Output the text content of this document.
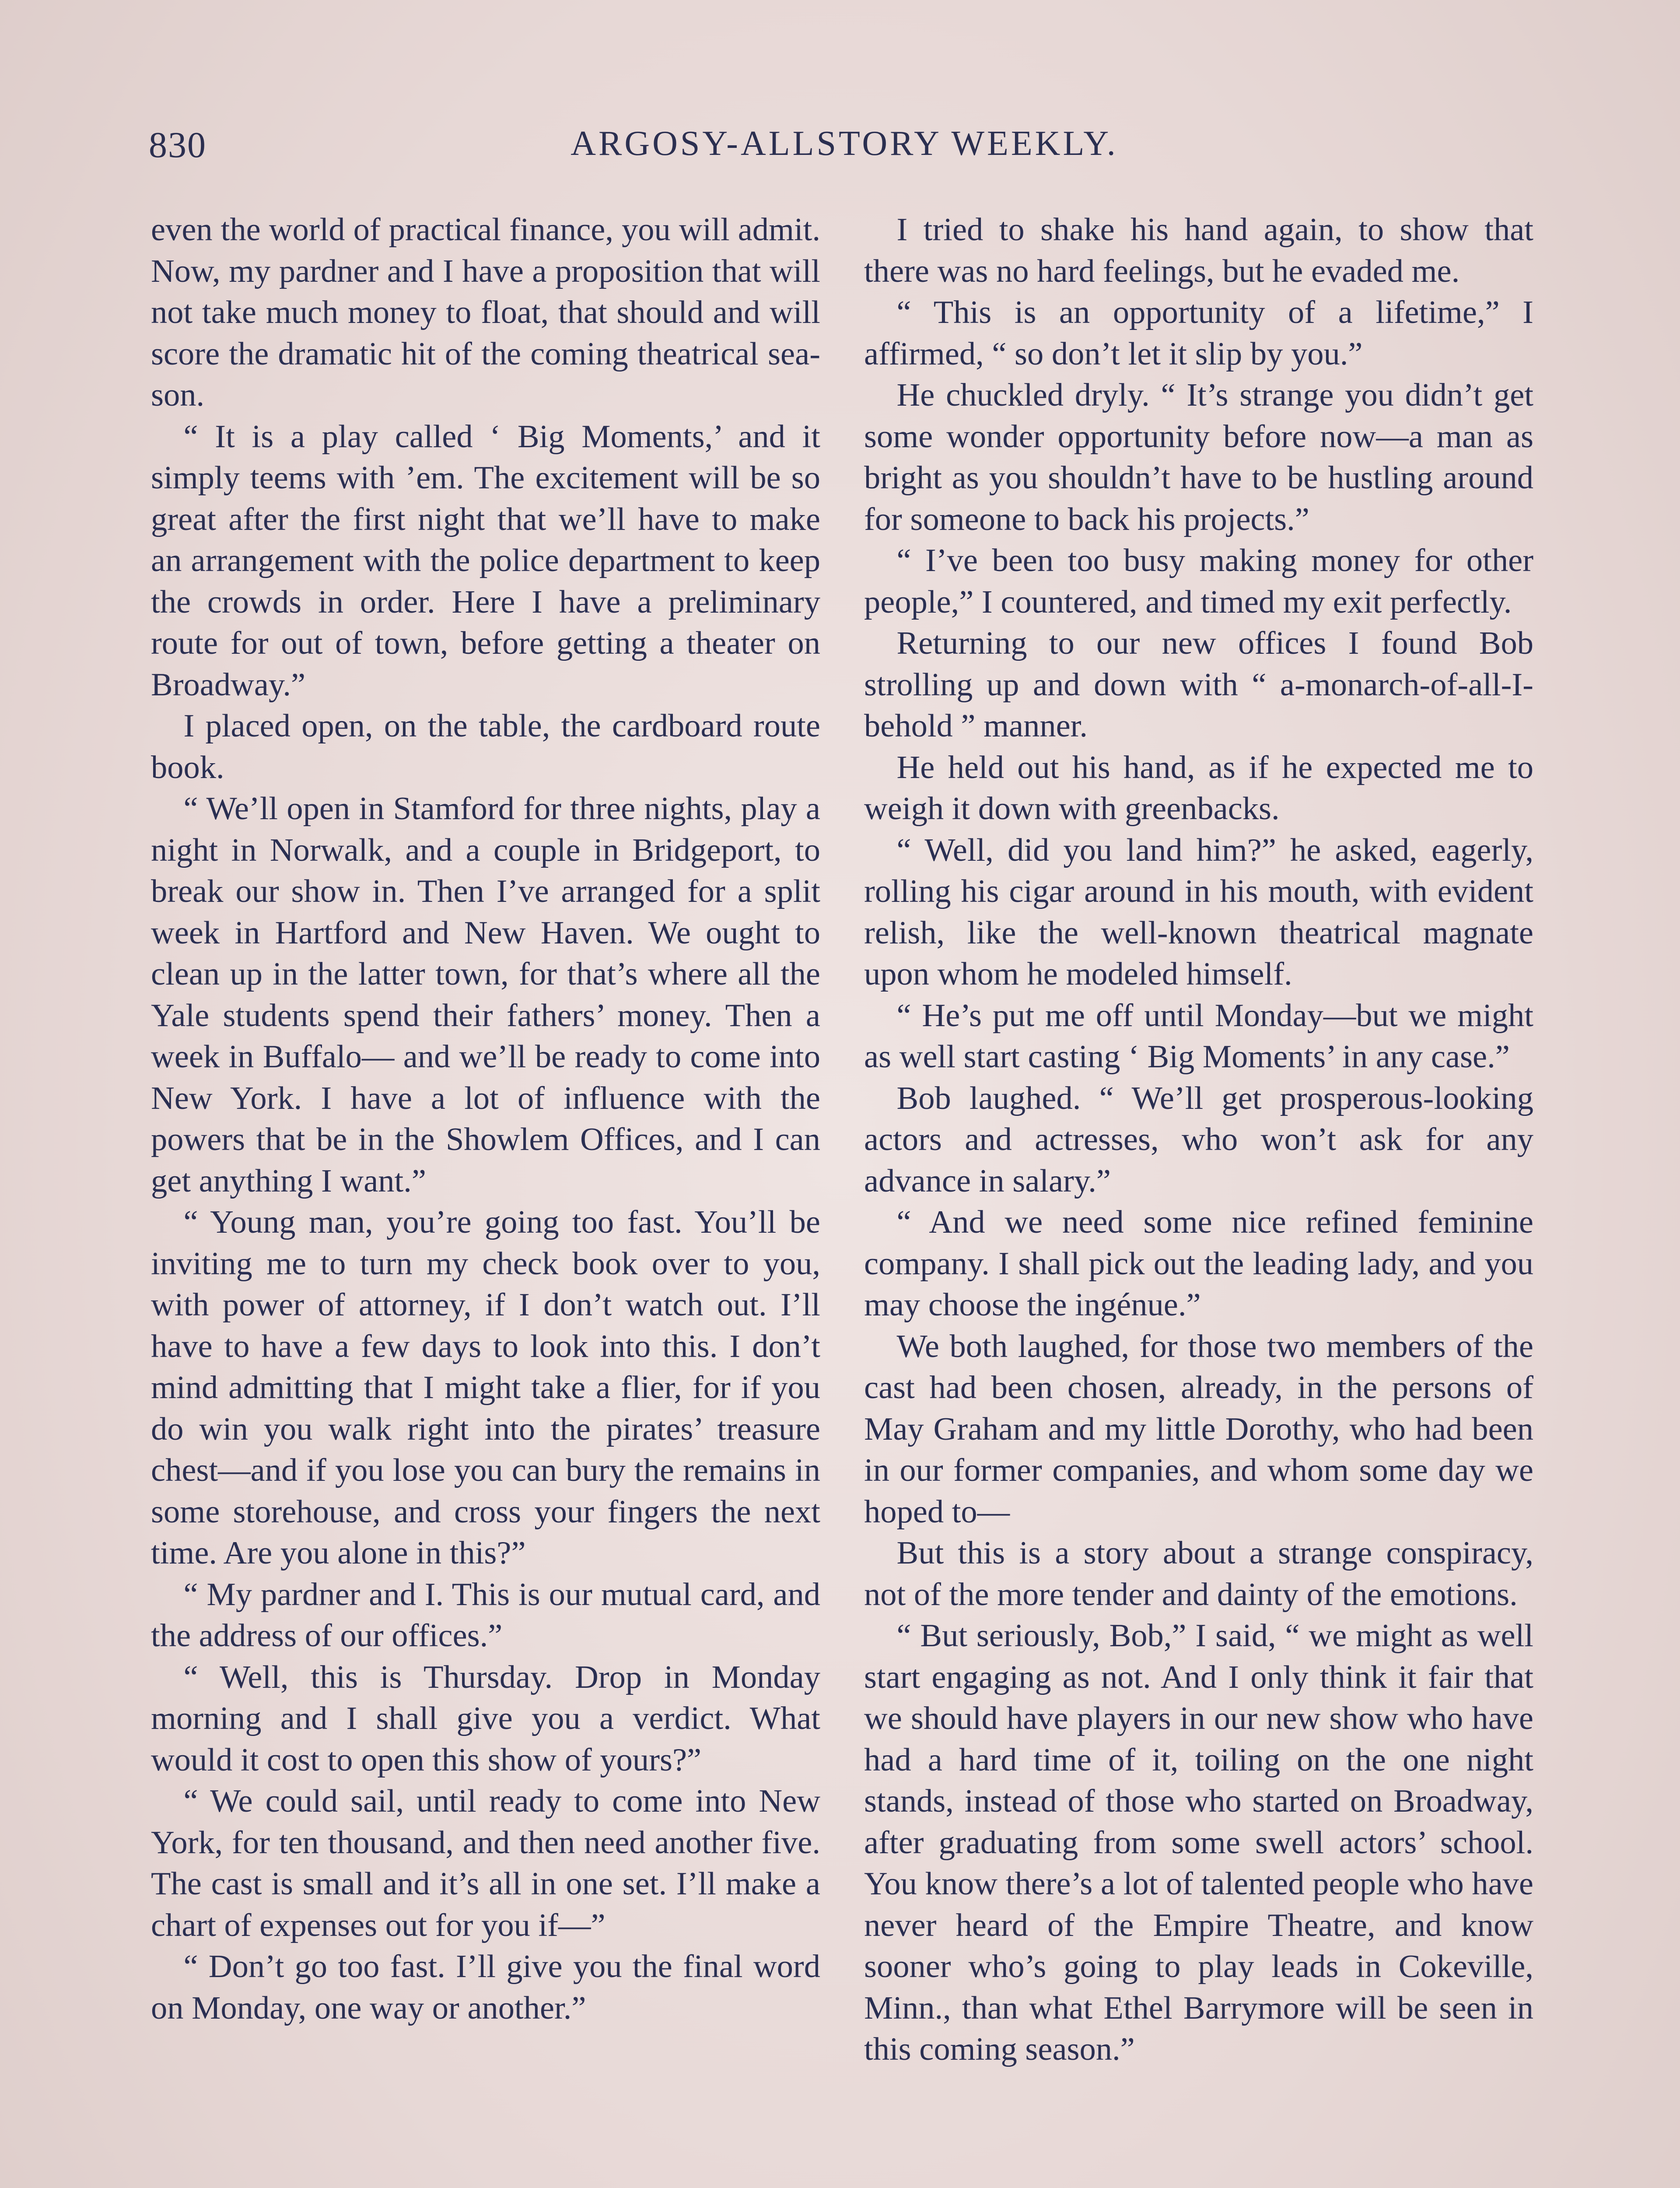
830	ARGOSY-ALLSTORY WEEKLY.

even the world of practical finance, you will admit. Now, my pardner and I have a proposition that will not take much money to float, that should and will score the dramatic hit of the coming theatrical season.

“ It is a play called ‘ Big Moments,’ and it simply teems with ’em. The excitement will be so great after the first night that we’ll have to make an arrangement with the police department to keep the crowds in order. Here I have a preliminary route for out of town, before getting a theater on Broadway.”

I placed open, on the table, the cardboard route book.

“ We’ll open in Stamford for three nights, play a night in Norwalk, and a couple in Bridgeport, to break our show in. Then I’ve arranged for a split week in Hartford and New Haven. We ought to clean up in the latter town, for that’s where all the Yale students spend their fathers’ money. Then a week in Buffalo— and we’ll be ready to come into New York. I have a lot of influence with the powers that be in the Showlem Offices, and I can get anything I want.”

“ Young man, you’re going too fast. You’ll be inviting me to turn my check book over to you, with power of attorney, if I don’t watch out. I’ll have to have a few days to look into this. I don’t mind admitting that I might take a flier, for if you do win you walk right into the pirates’ treasure chest—and if you lose you can bury the remains in some storehouse, and cross your fingers the next time. Are you alone in this?”

“ My pardner and I. This is our mutual card, and the address of our offices.”

“ Well, this is Thursday. Drop in Monday morning and I shall give you a verdict. What would it cost to open this show of yours?”

“ We could sail, until ready to come into New York, for ten thousand, and then need another five. The cast is small and it’s all in one set. I’ll make a chart of expenses out for you if—”

“ Don’t go too fast. I’ll give you the final word on Monday, one way or another.”

I tried to shake his hand again, to show that there was no hard feelings, but he evaded me.

“ This is an opportunity of a lifetime,” I affirmed, “ so don’t let it slip by you.”

He chuckled dryly. “ It’s strange you didn’t get some wonder opportunity before now—a man as bright as you shouldn’t have to be hustling around for someone to back his projects.”

“ I’ve been too busy making money for other people,” I countered, and timed my exit perfectly.

Returning to our new offices I found Bob strolling up and down with “ a-monarch-of-all-I-behold ” manner.

He held out his hand, as if he expected me to weigh it down with greenbacks.

“ Well, did you land him?” he asked, eagerly, rolling his cigar around in his mouth, with evident relish, like the well-known theatrical magnate upon whom he modeled himself.

“ He’s put me off until Monday—but we might as well start casting ‘ Big Moments’ in any case.”

Bob laughed. “ We’ll get prosperous-looking actors and actresses, who won’t ask for any advance in salary.”

“ And we need some nice refined feminine company. I shall pick out the leading lady, and you may choose the ingénue.”

We both laughed, for those two members of the cast had been chosen, already, in the persons of May Graham and my little Dorothy, who had been in our former companies, and whom some day we hoped to—

But this is a story about a strange conspiracy, not of the more tender and dainty of the emotions.

“ But seriously, Bob,” I said, “ we might as well start engaging as not. And I only think it fair that we should have players in our new show who have had a hard time of it, toiling on the one night stands, instead of those who started on Broadway, after graduating from some swell actors’ school. You know there’s a lot of talented people who have never heard of the Empire Theatre, and know sooner who’s going to play leads in Cokeville, Minn., than what Ethel Barrymore will be seen in this coming season.”
